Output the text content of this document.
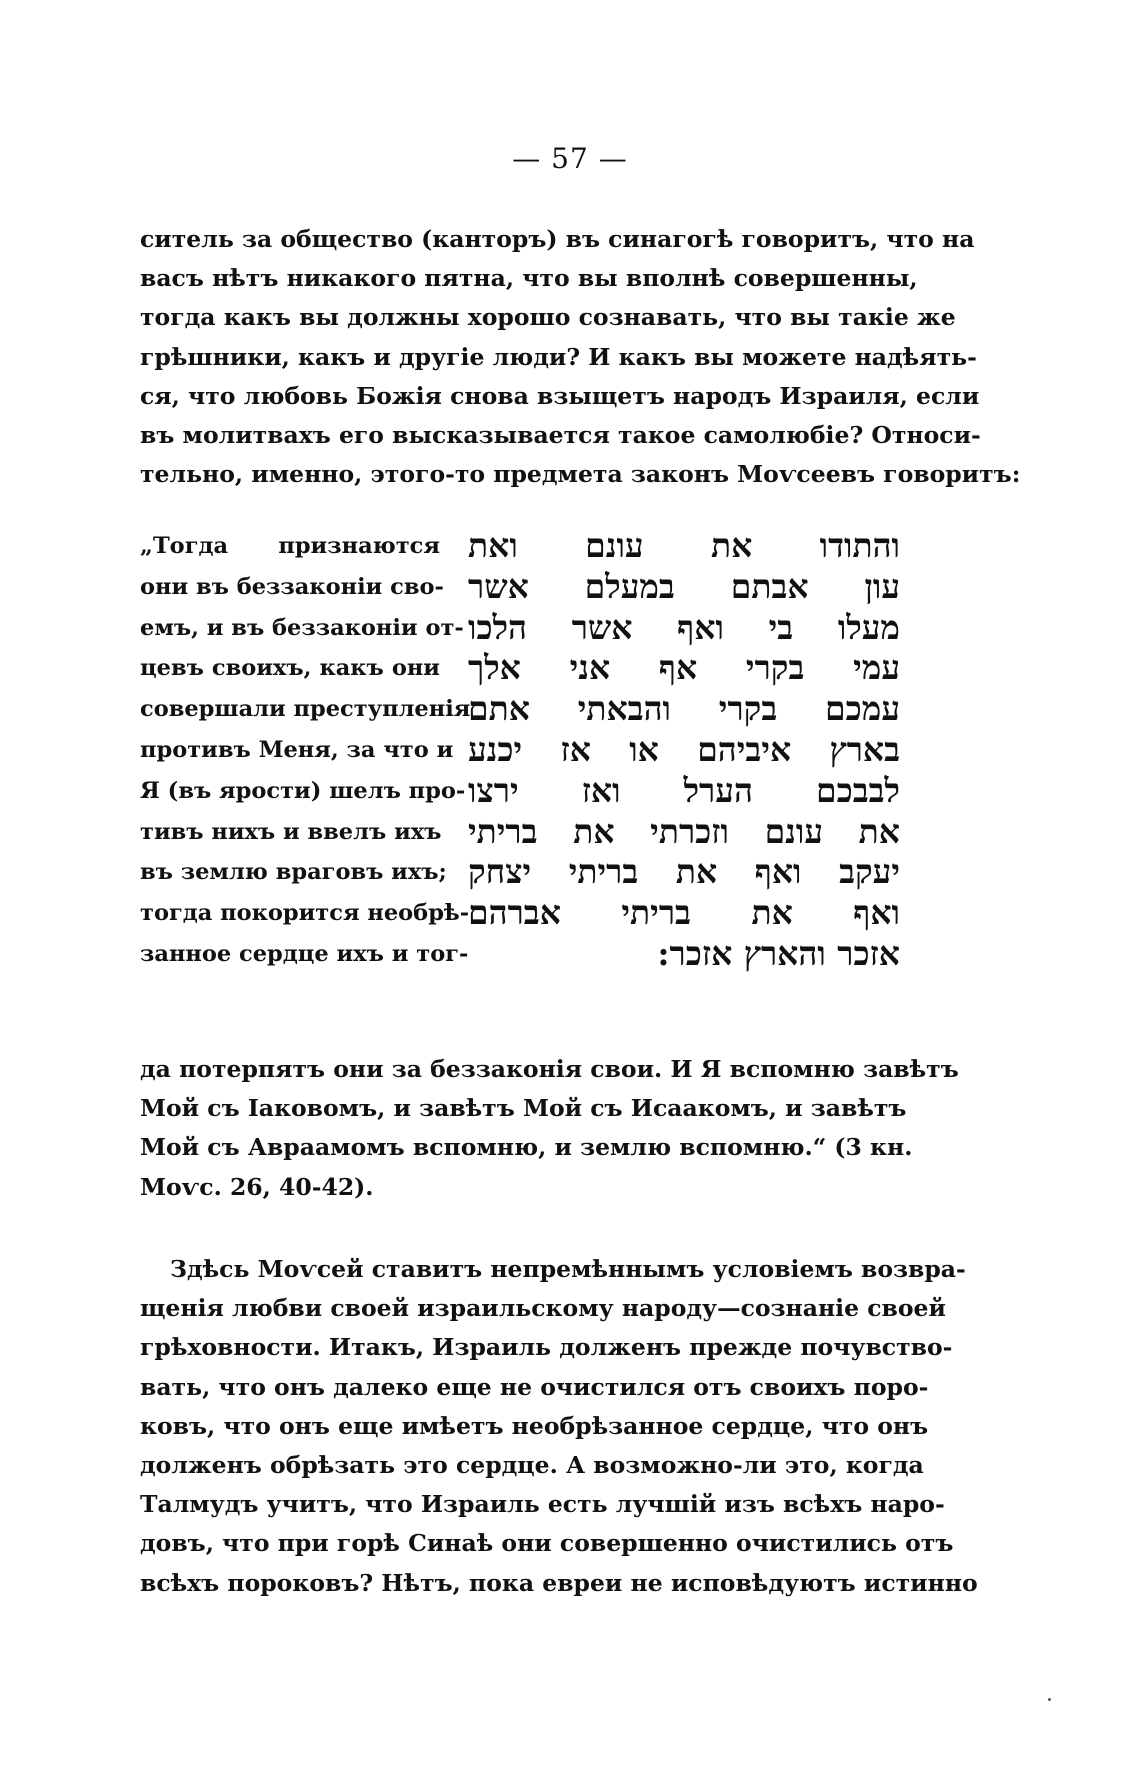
— 57 —
ситель за общество (канторъ) въ синагогѣ говоритъ, что на
васъ нѣтъ никакого пятна, что вы вполнѣ совершенны,
тогда какъ вы должны хорошо сознавать, что вы такіе же
грѣшники, какъ и другіе люди? И какъ вы можете надѣять-
ся, что любовь Божія снова взыщетъ народъ Израиля, если
въ молитвахъ его высказывается такое самолюбіе? Относи-
тельно, именно, этого-то предмета законъ Моѵсеевъ говоритъ:
„Тогда признаются
они въ беззаконіи сво-
емъ, и въ беззаконіи от-
цевъ своихъ, какъ они
совершали преступленія
противъ Меня, за что и
Я (въ ярости) шелъ про-
тивъ нихъ и ввелъ ихъ
въ землю враговъ ихъ;
тогда покорится необрѣ-
занное сердце ихъ и тог-
והתודו את עונם ואת
עון אבתם במעלם אשר
מעלו בי ואף אשר הלכו
עמי בקרי אף אני אלך
עמכם בקרי והבאתי אתם
בארץ איביהם או אז יכנע
לבבכם הערל ואז ירצו
את עונם וזכרתי את בריתי
יעקב ואף את בריתי יצחק
ואף את בריתי אברהם
אזכר והארץ אזכר:
да потерпятъ они за беззаконія свои. И Я вспомню завѣтъ
Мой съ Іаковомъ, и завѣтъ Мой съ Исаакомъ, и завѣтъ
Мой съ Авраамомъ вспомню, и землю вспомню.“ (3 кн.
Моѵс. 26, 40-42).
Здѣсь Моѵсей ставитъ непремѣннымъ условіемъ возвра-
щенія любви своей израильскому народу—сознаніе своей
грѣховности. Итакъ, Израиль долженъ прежде почувство-
вать, что онъ далеко еще не очистился отъ своихъ поро-
ковъ, что онъ еще имѣетъ необрѣзанное сердце, что онъ
долженъ обрѣзать это сердце. А возможно-ли это, когда
Талмудъ учитъ, что Израиль есть лучшій изъ всѣхъ наро-
довъ, что при горѣ Синаѣ они совершенно очистились отъ
всѣхъ пороковъ? Нѣтъ, пока евреи не исповѣдуютъ истинно
